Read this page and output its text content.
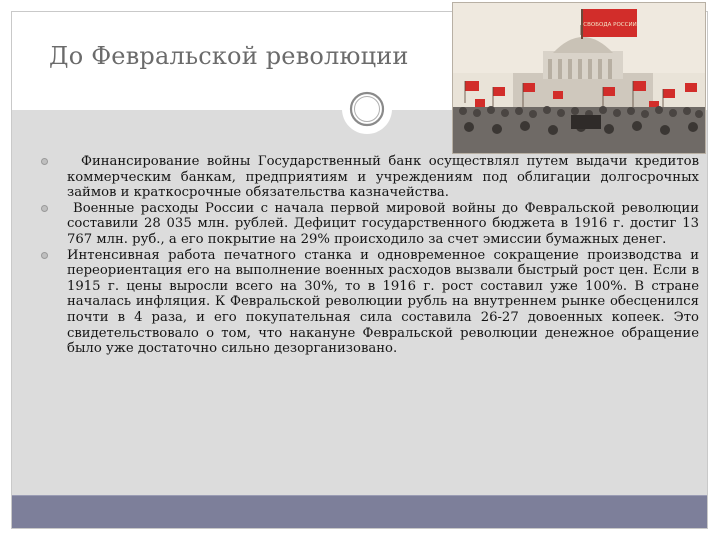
До Февральской революции
СВОБОДА РОССИИ
Финансирование войны Государственный банк осуществлял путем выдачи кредитов коммерческим банкам, предприятиям и учреждениям под облигации долгосрочных займов и краткосрочные обязательства казначейства.
Военные расходы России с начала первой мировой войны до Февральской революции составили 28 035 млн. рублей. Дефицит государственного бюджета в 1916 г. достиг 13 767 млн. руб., а его покрытие на 29% происходило за счет эмиссии бумажных денег.
Интенсивная работа печатного станка и одновременное сокращение производства и переориентация его на выполнение военных расходов вызвали быстрый рост цен. Если в 1915 г. цены выросли всего на 30%, то в 1916 г. рост составил уже 100%. В стране началась инфляция. К Февральской революции рубль на внутреннем рынке обесценился почти в 4 раза, и его покупательная сила составила 26-27 довоенных копеек. Это свидетельствовало о том, что накануне Февральской революции денежное обращение было уже достаточно сильно дезорганизовано.
